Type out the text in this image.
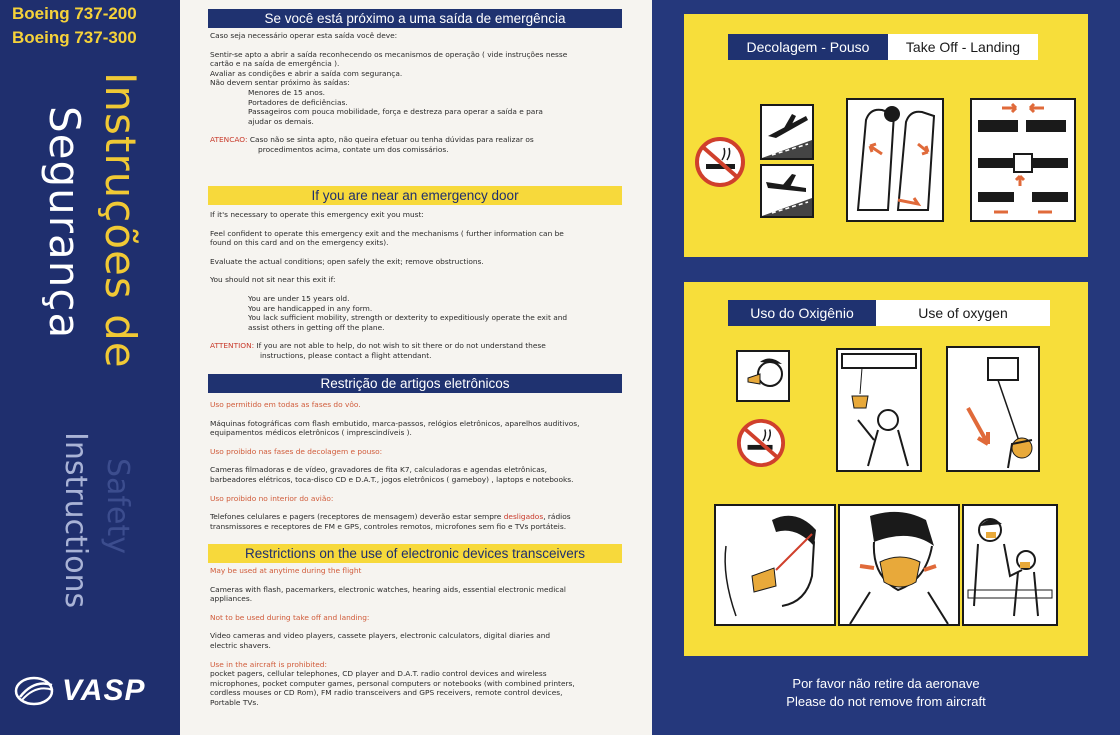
Boeing 737-200
Boeing 737-300
Instruções de
Segurança
Safety
Instructions
VASP
Se você está próximo a uma saída de emergência
Caso seja necessário operar esta saída você deve:
Sentir-se apto a abrir a saída reconhecendo os mecanismos de operação ( vide instruções nesse
cartão e na saída de emergência ).
Avaliar as condições e abrir a saída com segurança.
Não devem sentar próximo às saídas:
Menores de 15 anos.
Portadores de deficiências.
Passageiros com pouca mobilidade, força e destreza para operar a saída e para
ajudar os demais.
ATENCAO: Caso não se sinta apto, não queira efetuar ou tenha dúvidas para realizar os
procedimentos acima, contate um dos comissários.
If you are near an emergency door
If it's necessary to operate this emergency exit you must:
Feel confident to operate this emergency exit and the mechanisms ( further information can be
found on this card and on the emergency exits).
Evaluate the actual conditions; open safely the exit; remove obstructions.
You should not sit near this exit if:
You are under 15 years old.
You are handicapped in any form.
You lack sufficient mobility, strength or dexterity to expeditiously operate the exit and
assist others in getting off the plane.
ATTENTION: If you are not able to help, do not wish to sit there or do not understand these
instructions, please contact a flight attendant.
Restrição de artigos eletrônicos
Uso permitido em todas as fases do vôo.
Máquinas fotográficas com flash embutido, marca-passos, relógios eletrônicos, aparelhos auditivos,
equipamentos médicos eletrônicos ( imprescindíveis ).
Uso proibido nas fases de decolagem e pouso:
Cameras filmadoras e de vídeo, gravadores de fita K7, calculadoras e agendas eletrônicas,
barbeadores elétricos, toca-disco CD e D.A.T., jogos eletrônicos ( gameboy) , laptops e notebooks.
Uso proibido no interior do avião:
Telefones celulares e pagers (receptores de mensagem) deverão estar sempre desligados, rádios
transmissores e receptores de FM e GPS, controles remotos, microfones sem fio e TVs portáteis.
Restrictions on the use of electronic devices transceivers
May be used at anytime during the flight
Cameras with flash, pacemarkers, electronic watches, hearing aids, essential electronic medical
appliances.
Not to be used during take off and landing:
Video cameras and video players, cassete players, electronic calculators, digital diaries and
electric shavers.
Use in the aircraft is prohibited:
pocket pagers, cellular telephones, CD player and D.A.T. radio control devices and wireless
microphones, pocket computer games, personal computers or notebooks (with combined printers,
cordless mouses or CD Rom), FM radio transceivers and GPS receivers, remote control devices,
Portable TVs.
Decolagem - Pouso	Take Off - Landing
Uso do Oxigênio	Use of oxygen
Por favor não retire da aeronave
Please do not remove from aircraft
